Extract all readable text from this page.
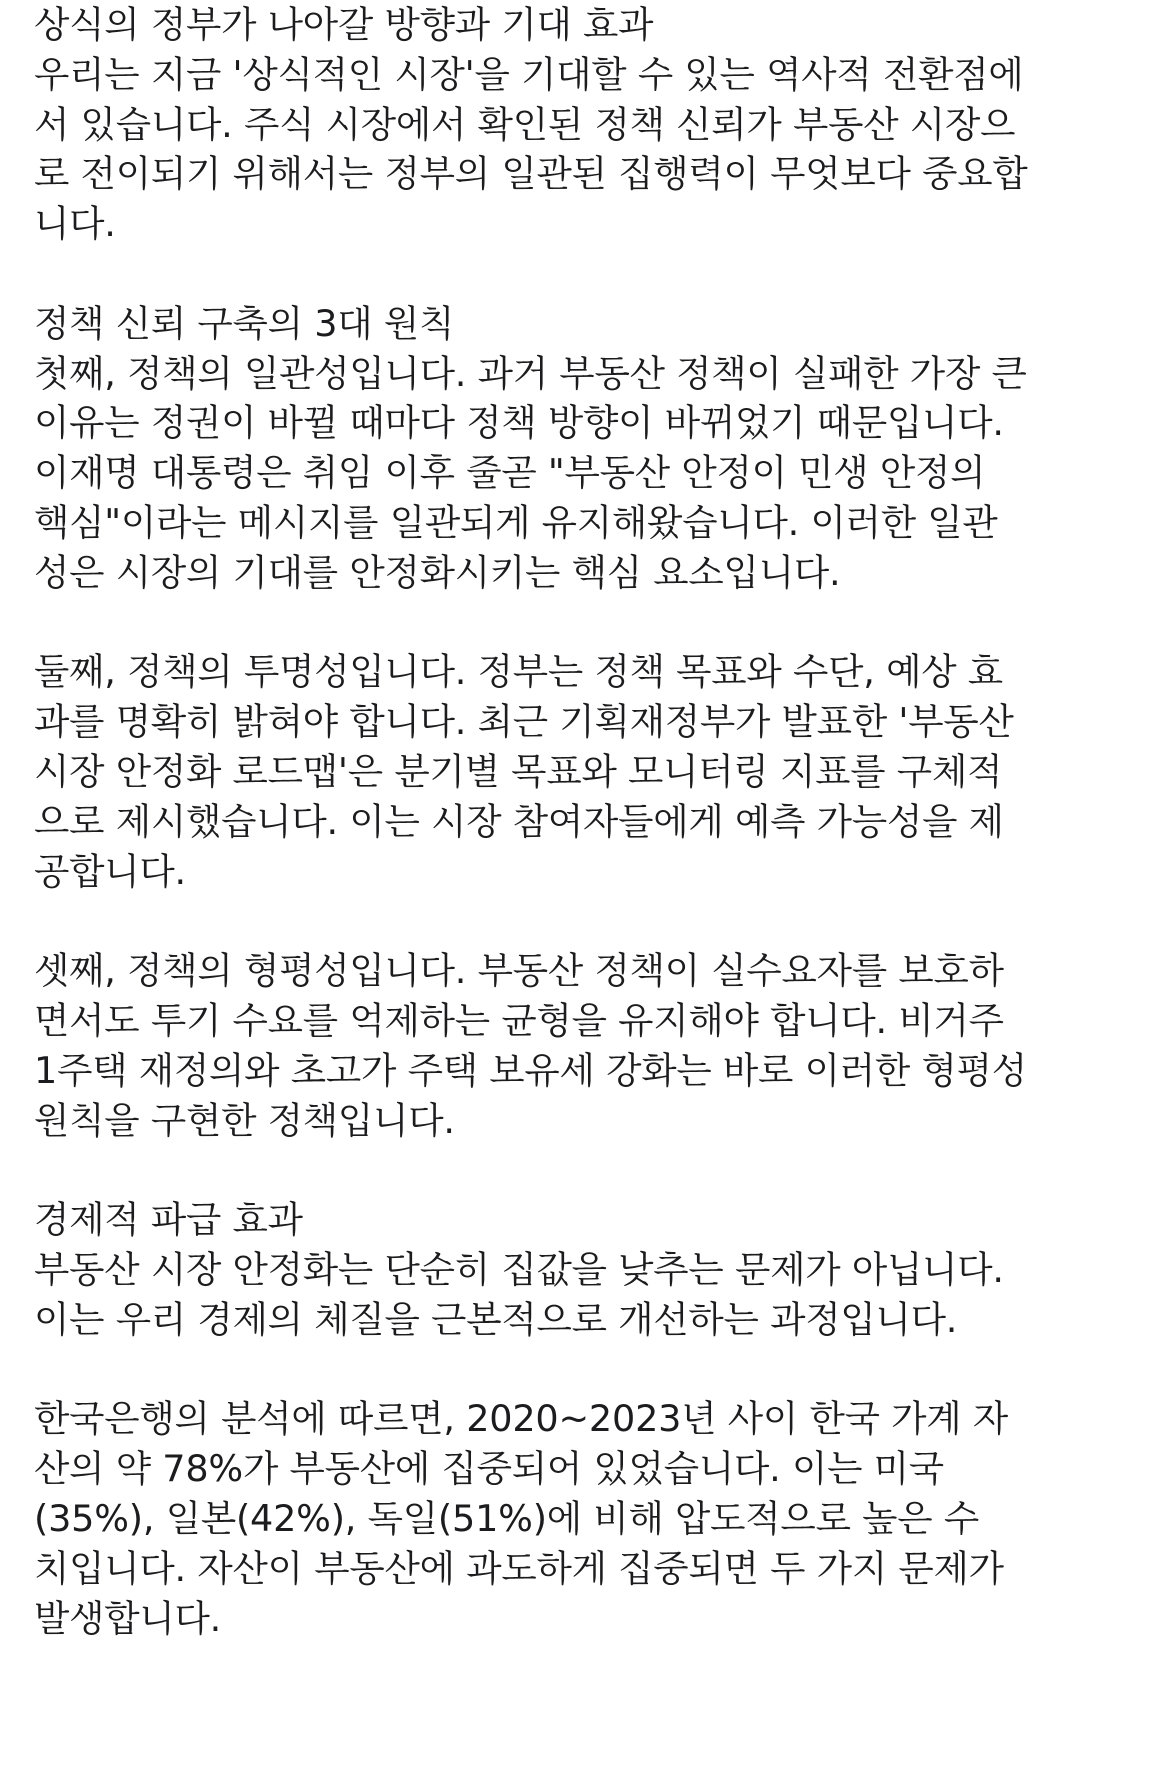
상식의 정부가 나아갈 방향과 기대 효과
우리는 지금 '상식적인 시장'을 기대할 수 있는 역사적 전환점에
서 있습니다. 주식 시장에서 확인된 정책 신뢰가 부동산 시장으
로 전이되기 위해서는 정부의 일관된 집행력이 무엇보다 중요합
니다.
정책 신뢰 구축의 3대 원칙
첫째, 정책의 일관성입니다. 과거 부동산 정책이 실패한 가장 큰
이유는 정권이 바뀔 때마다 정책 방향이 바뀌었기 때문입니다.
이재명 대통령은 취임 이후 줄곧 "부동산 안정이 민생 안정의
핵심"이라는 메시지를 일관되게 유지해왔습니다. 이러한 일관
성은 시장의 기대를 안정화시키는 핵심 요소입니다.
둘째, 정책의 투명성입니다. 정부는 정책 목표와 수단, 예상 효
과를 명확히 밝혀야 합니다. 최근 기획재정부가 발표한 '부동산
시장 안정화 로드맵'은 분기별 목표와 모니터링 지표를 구체적
으로 제시했습니다. 이는 시장 참여자들에게 예측 가능성을 제
공합니다.
셋째, 정책의 형평성입니다. 부동산 정책이 실수요자를 보호하
면서도 투기 수요를 억제하는 균형을 유지해야 합니다. 비거주
1주택 재정의와 초고가 주택 보유세 강화는 바로 이러한 형평성
원칙을 구현한 정책입니다.
경제적 파급 효과
부동산 시장 안정화는 단순히 집값을 낮추는 문제가 아닙니다.
이는 우리 경제의 체질을 근본적으로 개선하는 과정입니다.
한국은행의 분석에 따르면, 2020~2023년 사이 한국 가계 자
산의 약 78%가 부동산에 집중되어 있었습니다. 이는 미국
(35%), 일본(42%), 독일(51%)에 비해 압도적으로 높은 수
치입니다. 자산이 부동산에 과도하게 집중되면 두 가지 문제가
발생합니다.
